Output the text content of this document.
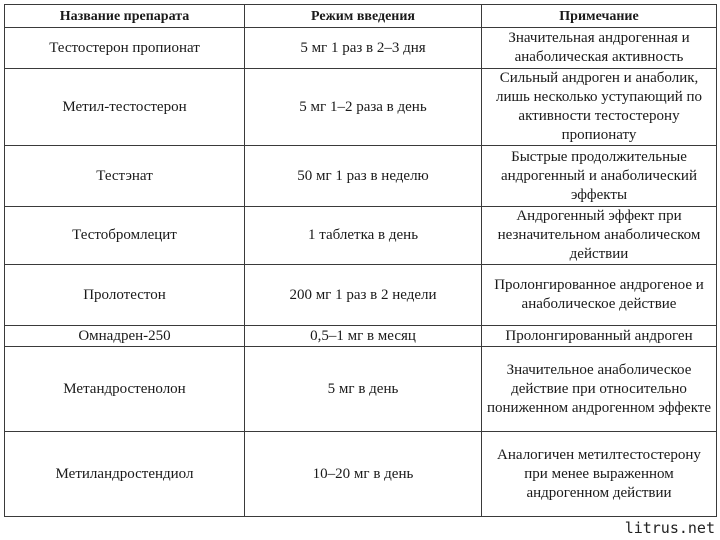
Название препарата	Режим введения	Примечание
Тестостерон пропионат	5 мг 1 раз в 2–3 дня	Значительная андрогенная и анаболическая активность
Метил-тестостерон	5 мг 1–2 раза в день	Сильный андроген и анаболик, лишь несколько уступающий по активности тестостерону пропионату
Тестэнат	50 мг 1 раз в неделю	Быстрые продолжительные андрогенный и анаболический эффекты
Тестобромлецит	1 таблетка в день	Андрогенный эффект при незначительном анаболическом действии
Пролотестон	200 мг 1 раз в 2 недели	Пролонгированное андрогеное и анаболическое действие
Омнадрен-250	0,5–1 мг в месяц	Пролонгированный андроген
Метандростенолон	5 мг в день	Значительное анаболическое действие при относительно пониженном андрогенном эффекте
Метиландростендиол	10–20 мг в день	Аналогичен метилтестостерону при менее выраженном андрогенном действии
litrus.net
